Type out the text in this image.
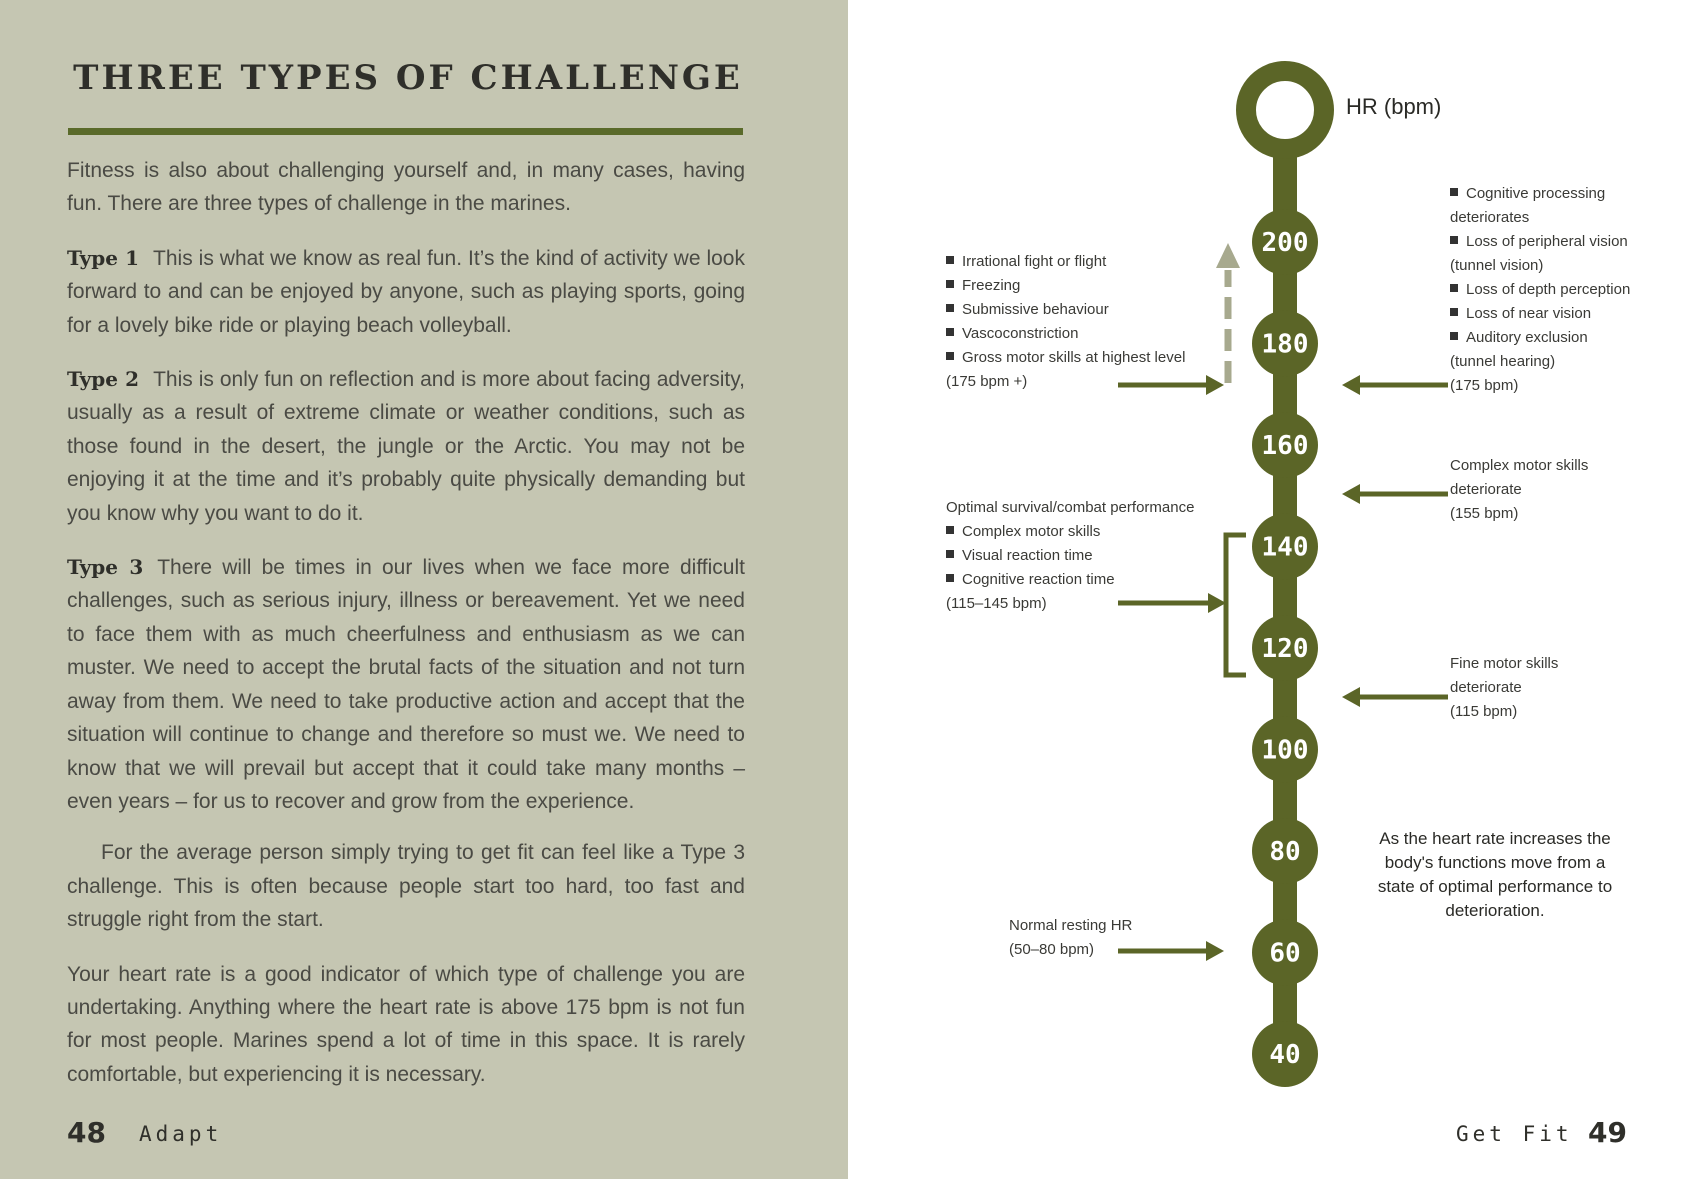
THREE TYPES OF CHALLENGE

Fitness is also about challenging yourself and, in many cases, having fun. There are three types of challenge in the marines.

Type 1 This is what we know as real fun. It’s the kind of activity we look forward to and can be enjoyed by anyone, such as playing sports, going for a lovely bike ride or playing beach volleyball.

Type 2 This is only fun on reflection and is more about facing adversity, usually as a result of extreme climate or weather conditions, such as those found in the desert, the jungle or the Arctic. You may not be enjoying it at the time and it’s probably quite physically demanding but you know why you want to do it.

Type 3 There will be times in our lives when we face more difficult challenges, such as serious injury, illness or bereavement. Yet we need to face them with as much cheerfulness and enthusiasm as we can muster. We need to accept the brutal facts of the situation and not turn away from them. We need to take productive action and accept that the situation will continue to change and therefore so must we. We need to know that we will prevail but accept that it could take many months – even years – for us to recover and grow from the experience.

For the average person simply trying to get fit can feel like a Type 3 challenge. This is often because people start too hard, too fast and struggle right from the start.

Your heart rate is a good indicator of which type of challenge you are undertaking. Anything where the heart rate is above 175 bpm is not fun for most people. Marines spend a lot of time in this space. It is rarely comfortable, but experiencing it is necessary.

48 Adapt
200
180
160
140
120
100
80
60
40
HR (bpm)
Irrational fight or flight
Freezing
Submissive behaviour
Vascoconstriction
Gross motor skills at highest level
(175 bpm +)
Optimal survival/combat performance
Complex motor skills
Visual reaction time
Cognitive reaction time
(115–145 bpm)
Normal resting HR
(50–80 bpm)
Cognitive processing
deteriorates
Loss of peripheral vision
(tunnel vision)
Loss of depth perception
Loss of near vision
Auditory exclusion
(tunnel hearing)
(175 bpm)
Complex motor skills
deteriorate
(155 bpm)
Fine motor skills
deteriorate
(115 bpm)
As the heart rate increases the body's functions move from a state of optimal performance to deterioration.
Get Fit 49
